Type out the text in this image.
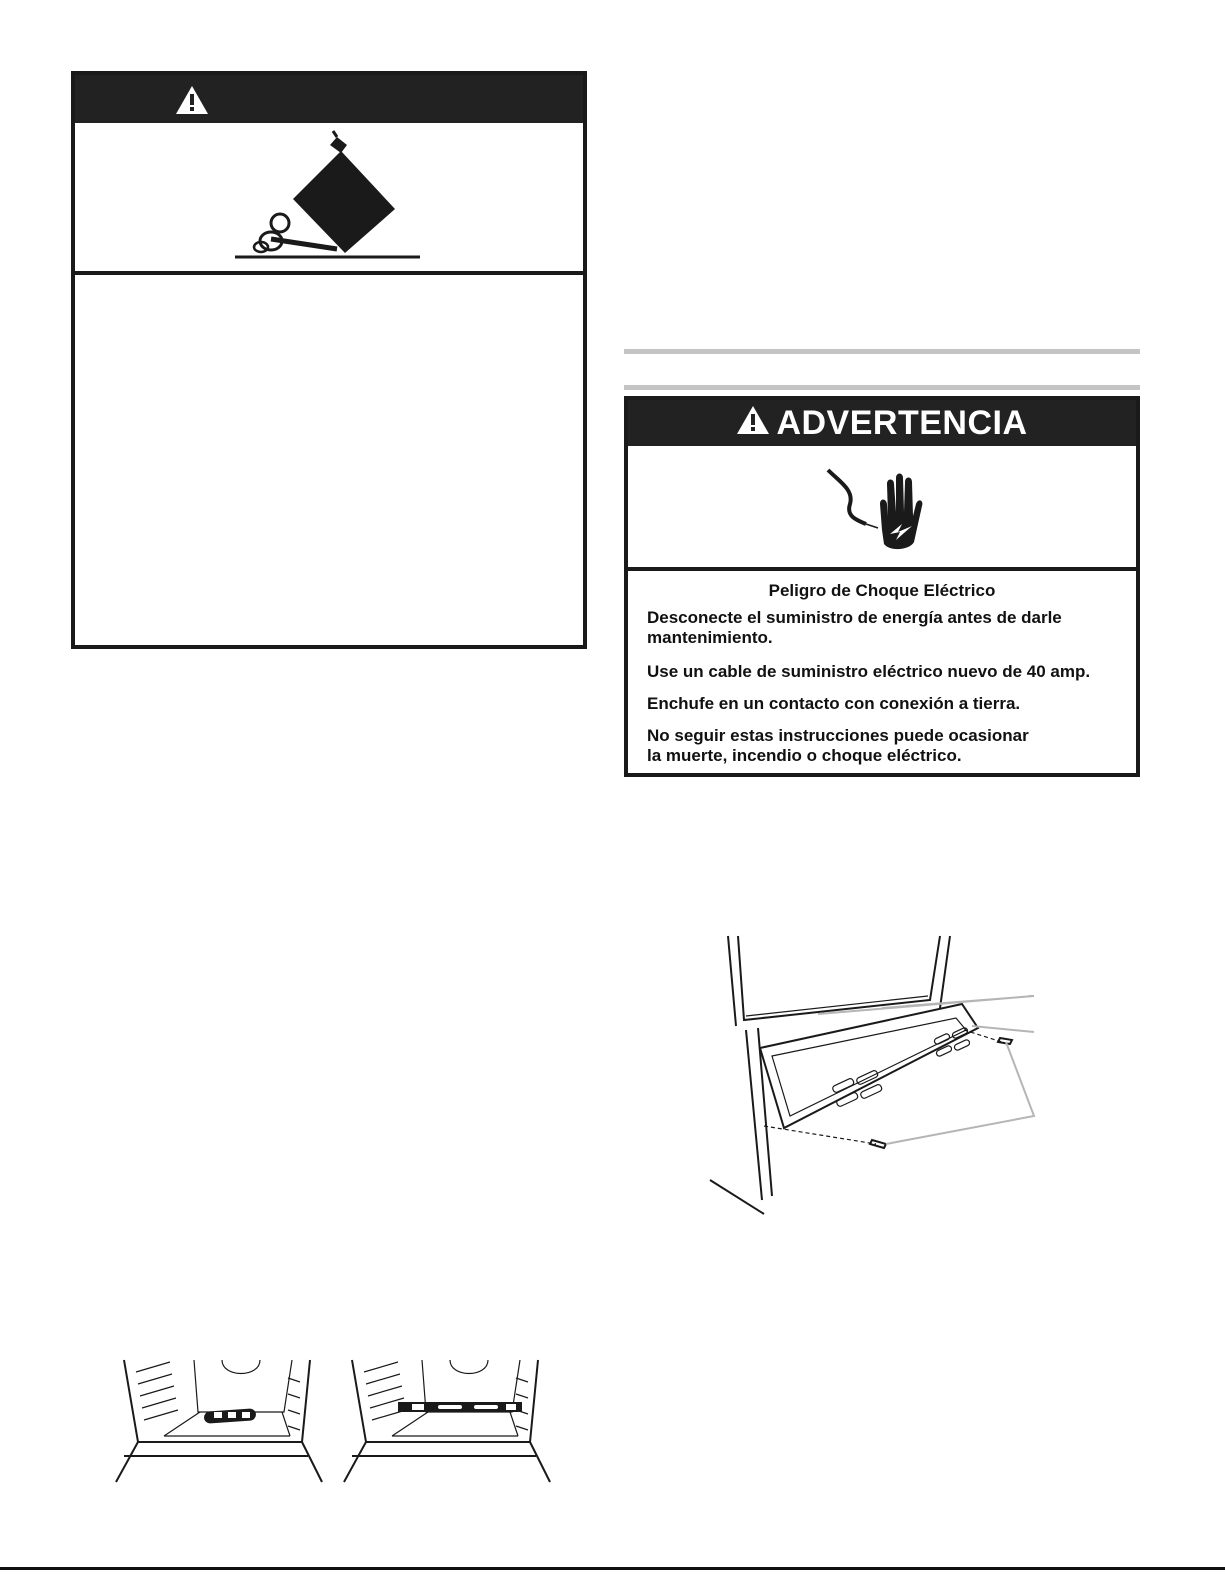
ADVERTENCIA
Peligro de Choque Eléctrico
Desconecte el suministro de energía antes de darle
mantenimiento.
Use un cable de suministro eléctrico nuevo de 40 amp.
Enchufe en un contacto con conexión a tierra.
No seguir estas instrucciones puede ocasionar
la muerte, incendio o choque eléctrico.
